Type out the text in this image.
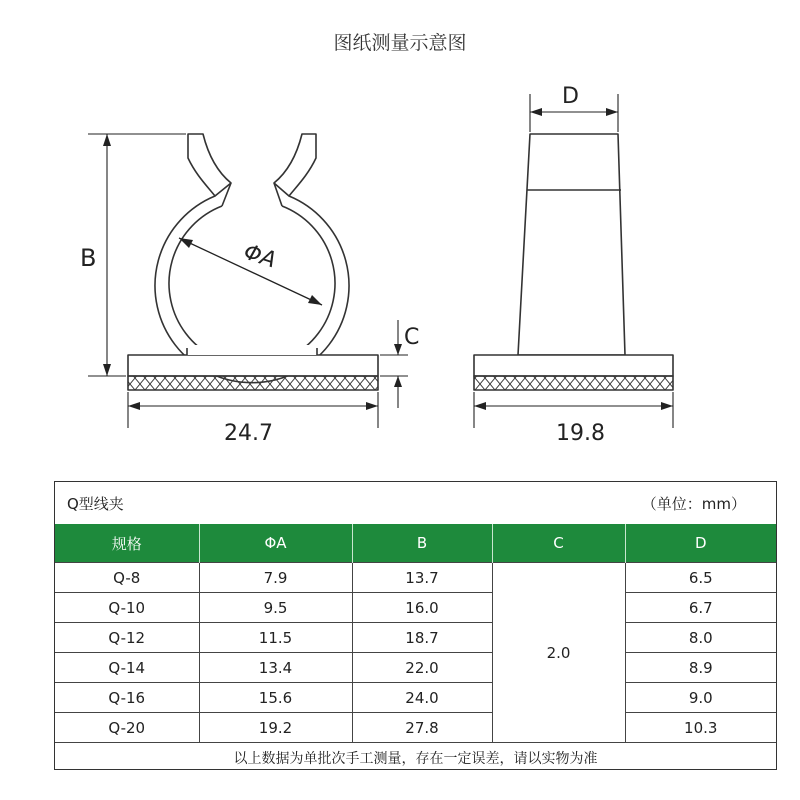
图纸测量示意图
B	ΦA
C
D
24.7	19.8
Q型线夹	（单位：mm）
规格	ΦA	B	C	D
Q-8	7.9	13.7	2.0	6.5
Q-10	9.5	16.0		6.7
Q-12	11.5	18.7		8.0
Q-14	13.4	22.0		8.9
Q-16	15.6	24.0		9.0
Q-20	19.2	27.8		10.3
以上数据为单批次手工测量，存在一定误差，请以实物为准				
